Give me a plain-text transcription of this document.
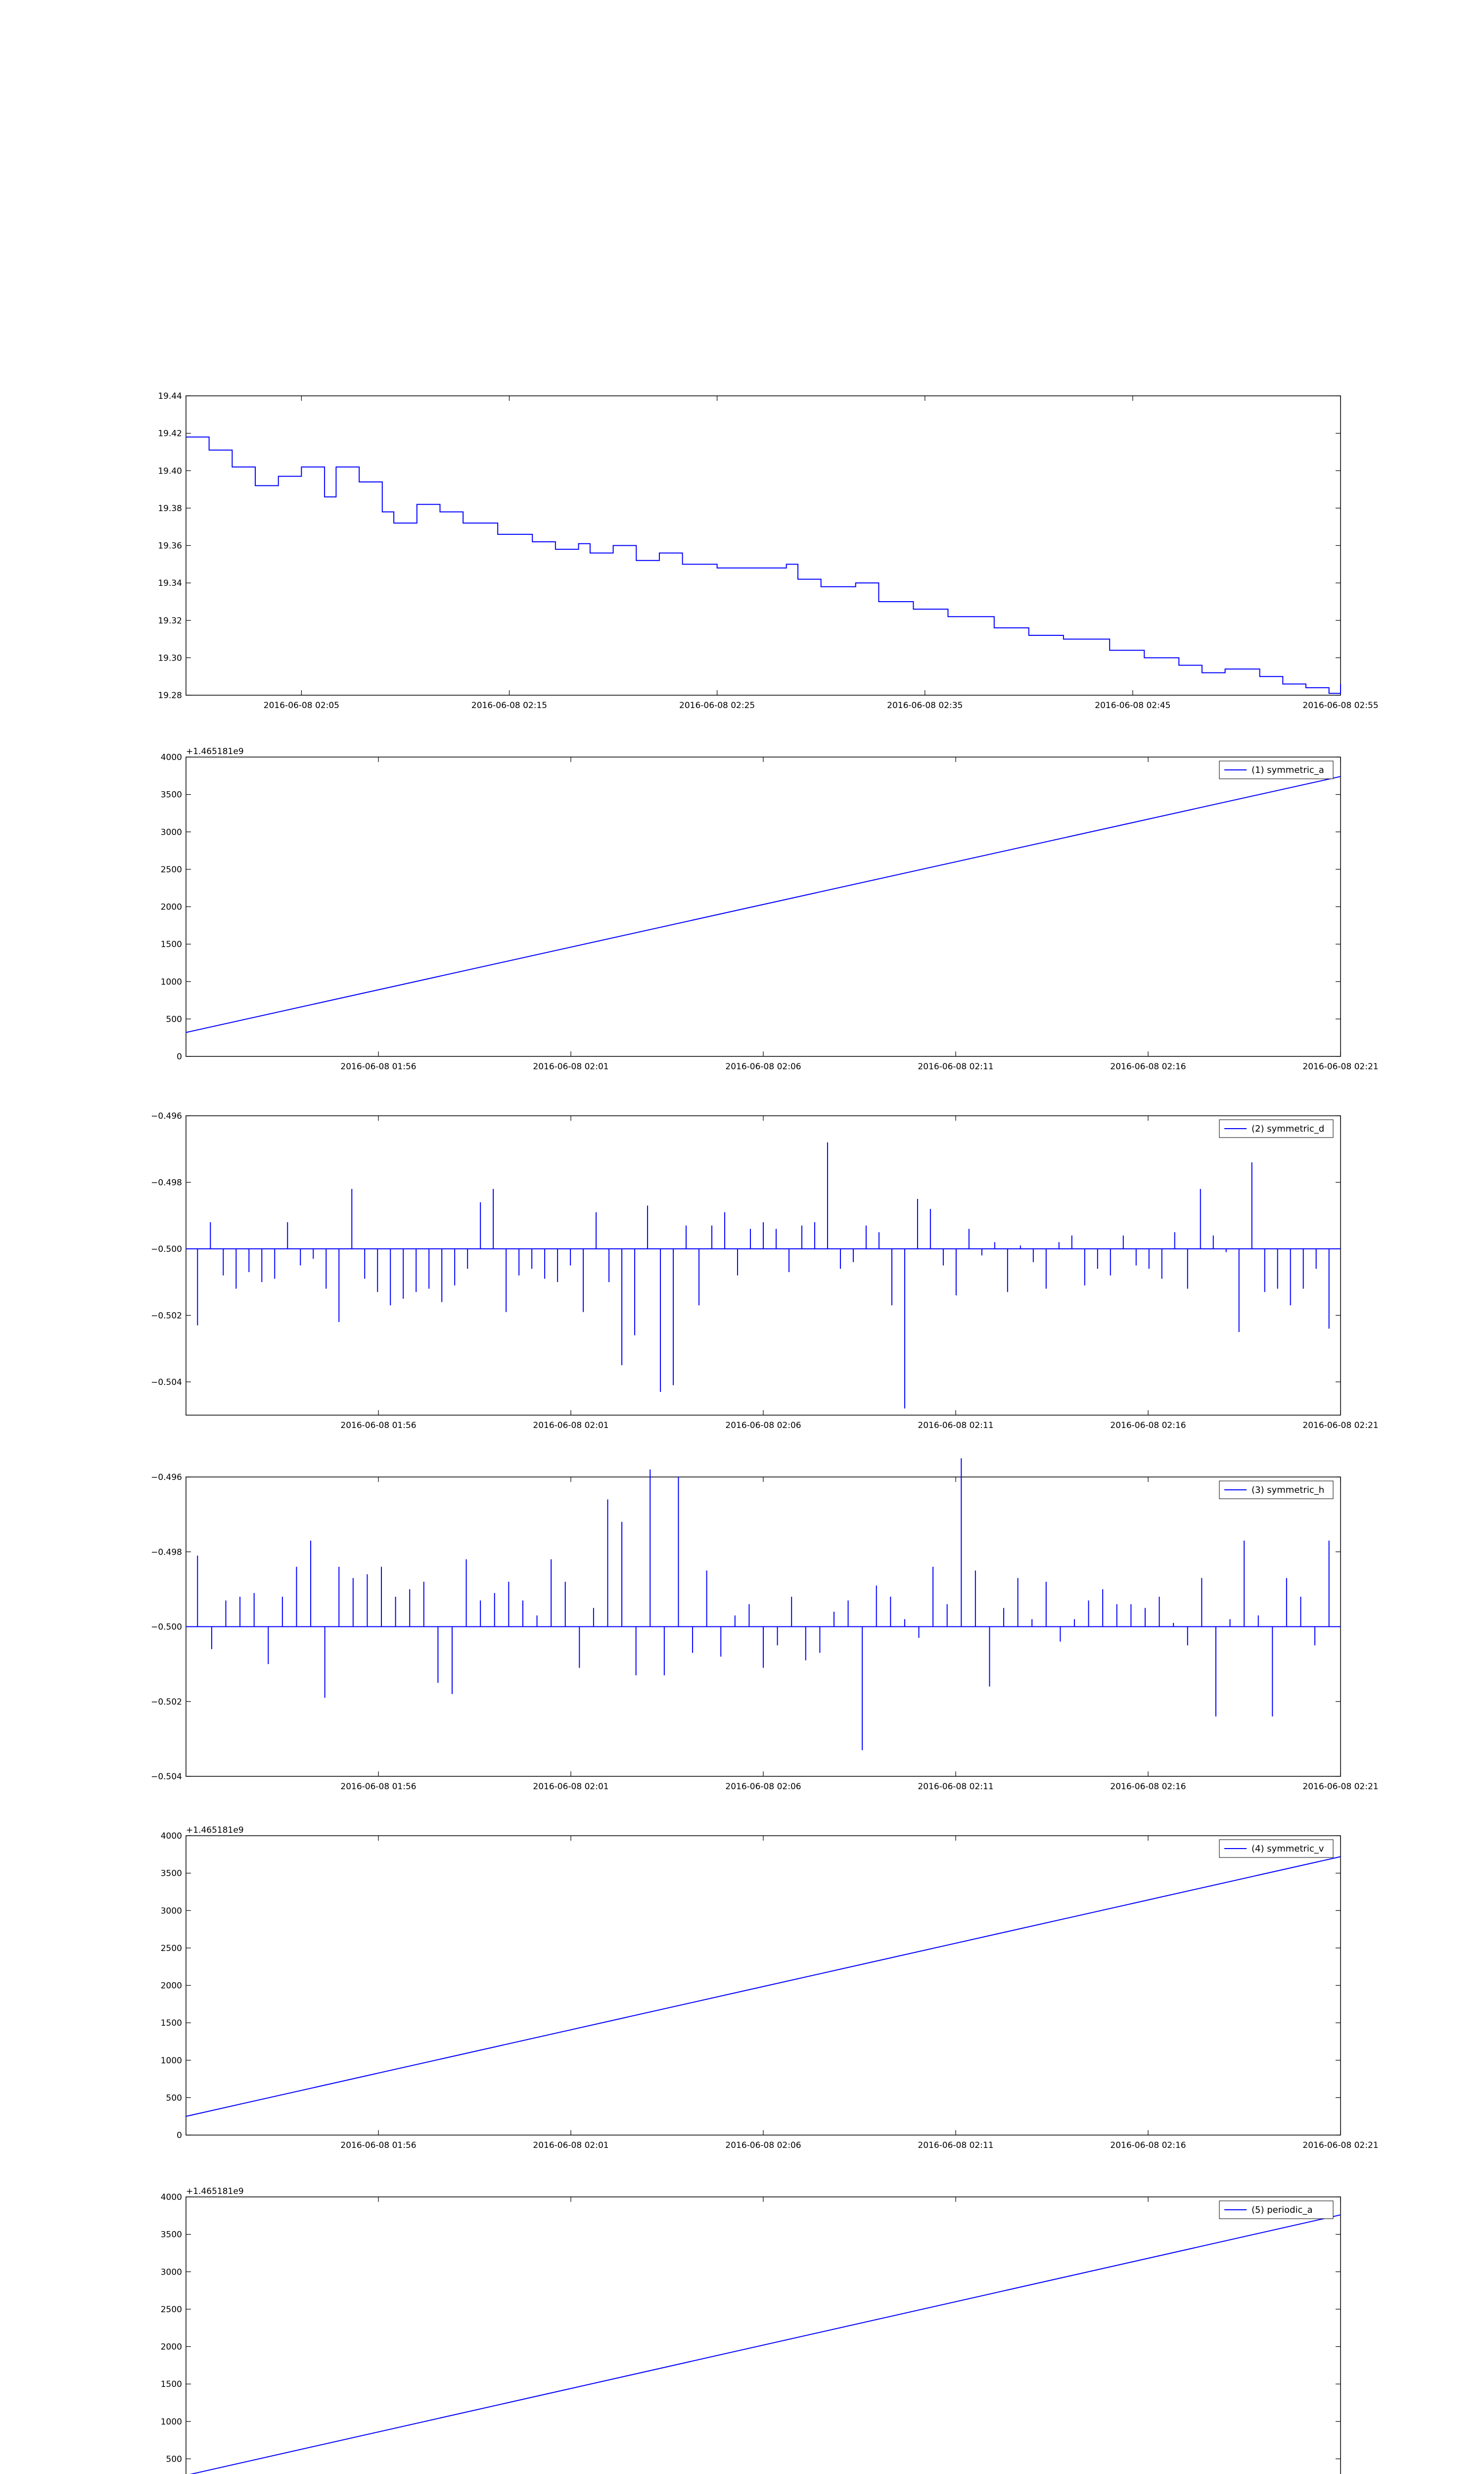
19.28
19.30
19.32
19.34
19.36
19.38
19.40
19.42
19.44
2016-06-08 02:05	2016-06-08 02:15	2016-06-08 02:25	2016-06-08 02:35	2016-06-08 02:45	2016-06-08 02:55
0
500
1000
1500
2000
2500
3000
3500
4000
2016-06-08 01:56	2016-06-08 02:01	2016-06-08 02:06	2016-06-08 02:11	2016-06-08 02:16	2016-06-08 02:21
+1.465181e9
(1) symmetric_a
−0.504
−0.502
−0.500
−0.498
−0.496
2016-06-08 01:56	2016-06-08 02:01	2016-06-08 02:06	2016-06-08 02:11	2016-06-08 02:16	2016-06-08 02:21
(2) symmetric_d
−0.504
−0.502
−0.500
−0.498
−0.496
2016-06-08 01:56	2016-06-08 02:01	2016-06-08 02:06	2016-06-08 02:11	2016-06-08 02:16	2016-06-08 02:21
(3) symmetric_h
0
500
1000
1500
2000
2500
3000
3500
4000
2016-06-08 01:56	2016-06-08 02:01	2016-06-08 02:06	2016-06-08 02:11	2016-06-08 02:16	2016-06-08 02:21
+1.465181e9
(4) symmetric_v
500
1000
1500
2000
2500
3000
3500
4000
+1.465181e9
(5) periodic_a
